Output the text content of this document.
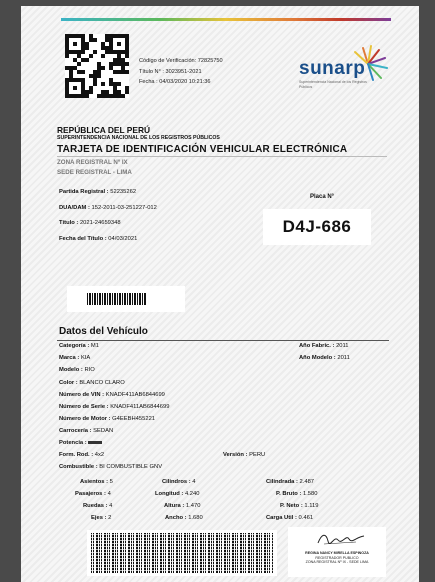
Código de Verificación: 72825750
Título N° : 3023951-2021
Fecha : 04/03/2020 10:21:36
sunarp
Superintendencia Nacional de los Registros Públicos
REPÚBLICA DEL PERÚ
SUPERINTENDENCIA NACIONAL DE LOS REGISTROS PÚBLICOS
TARJETA DE IDENTIFICACIÓN VEHICULAR ELECTRÓNICA
ZONA REGISTRAL Nº IX
SEDE REGISTRAL - LIMA
Partida Registral : 52235262
DUA/DAM : 152-2011-03-251227-012
Título : 2021-24659348
Fecha del Título : 04/03/2021
Placa N°
D4J-686
Datos del Vehículo
Categoría : M1
Marca : KIA
Modelo : RIO
Color : BLANCO CLARO
Número de VIN : KNADF411AB6844699
Número de Serie : KNADF411AB6844699
Número de Motor : G4EEBH455221
Carrocería : SEDAN
Potencia :
Form. Rod. : 4x2
Combustible : BI COMBUSTIBLE GNV
Año Fabric. : 2011
Año Modelo : 2011
Versión : PERU
Asientos : 5
Pasajeros : 4
Ruedas : 4
Ejes : 2
Cilindros : 4
Longitud : 4.240
Altura : 1.470
Ancho : 1.680
Cilindrada : 2.487
P. Bruto : 1.580
P. Neto : 1.119
Carga Util : 0.461
REGINA NANCY MIRELLA ESPINOZA
REGISTRADOR PUBLICO
ZONA REGISTRAL Nº IX - SEDE LIMA
